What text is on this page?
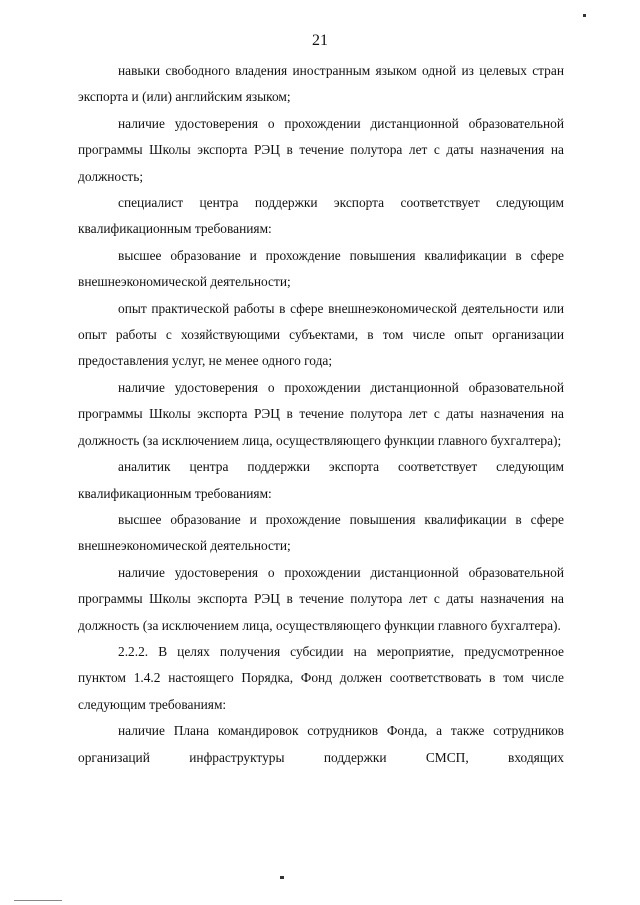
21

навыки свободного владения иностранным языком одной из целевых стран экспорта и (или) английским языком;

наличие удостоверения о прохождении дистанционной образовательной программы Школы экспорта РЭЦ в течение полутора лет с даты назначения на должность;

специалист центра поддержки экспорта соответствует следующим квалификационным требованиям:

высшее образование и прохождение повышения квалификации в сфере внешнеэкономической деятельности;

опыт практической работы в сфере внешнеэкономической деятельности или опыт работы с хозяйствующими субъектами, в том числе опыт организации предоставления услуг, не менее одного года;

наличие удостоверения о прохождении дистанционной образовательной программы Школы экспорта РЭЦ в течение полутора лет с даты назначения на должность (за исключением лица, осуществляющего функции главного бухгалтера);

аналитик центра поддержки экспорта соответствует следующим квалификационным требованиям:

высшее образование и прохождение повышения квалификации в сфере внешнеэкономической деятельности;

наличие удостоверения о прохождении дистанционной образовательной программы Школы экспорта РЭЦ в течение полутора лет с даты назначения на должность (за исключением лица, осуществляющего функции главного бухгалтера).

2.2.2. В целях получения субсидии на мероприятие, предусмотренное пунктом 1.4.2 настоящего Порядка, Фонд должен соответствовать в том числе следующим требованиям:

наличие Плана командировок сотрудников Фонда, а также сотрудников организаций инфраструктуры поддержки СМСП, входящих
